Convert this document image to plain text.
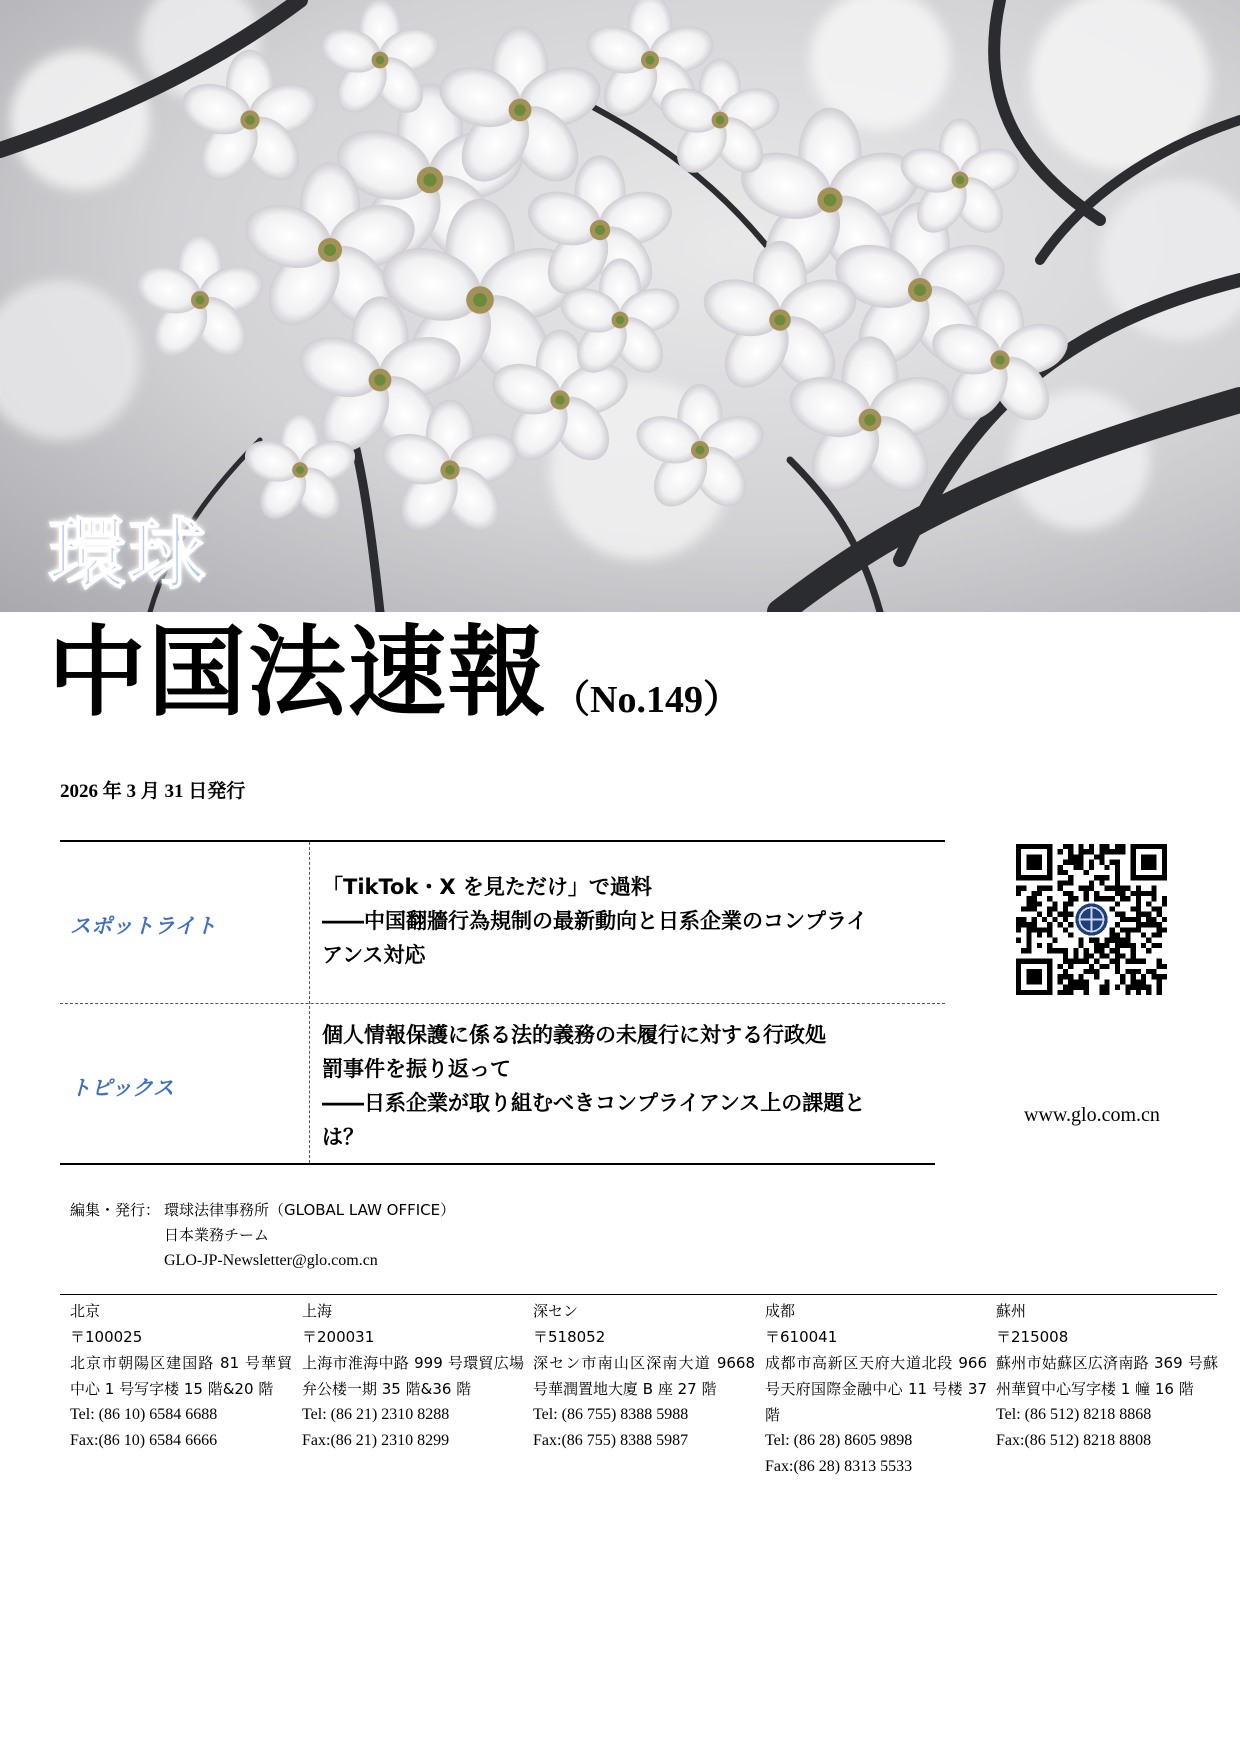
環球
中国法速報 （No.149）
2026 年 3 月 31 日発行
スポットライト
「TikTok・X を見ただけ」で過料
――中国翻牆行為規制の最新動向と日系企業のコンプライ
アンス対応
トピックス
個人情報保護に係る法的義務の未履行に対する行政処
罰事件を振り返って
――日系企業が取り組むべきコンプライアンス上の課題と
は？
www.glo.com.cn
編集・発行： 環球法律事務所（GLOBAL LAW OFFICE）
日本業務チーム
GLO-JP-Newsletter@glo.com.cn
北京
〒100025
北京市朝陽区建国路 81 号華貿中心 1 号写字楼 15 階&20 階
Tel: (86 10) 6584 6688
Fax:(86 10) 6584 6666
上海
〒200031
上海市淮海中路 999 号環貿広場弁公楼一期 35 階&36 階
Tel: (86 21) 2310 8288
Fax:(86 21) 2310 8299
深セン
〒518052
深セン市南山区深南大道 9668 号華潤置地大廈 B 座 27 階
Tel: (86 755) 8388 5988
Fax:(86 755) 8388 5987
成都
〒610041
成都市高新区天府大道北段 966 号天府国際金融中心 11 号楼 37 階
Tel: (86 28) 8605 9898
Fax:(86 28) 8313 5533
蘇州
〒215008
蘇州市姑蘇区広済南路 369 号蘇州華貿中心写字楼 1 幢 16 階
Tel: (86 512) 8218 8868
Fax:(86 512) 8218 8808
